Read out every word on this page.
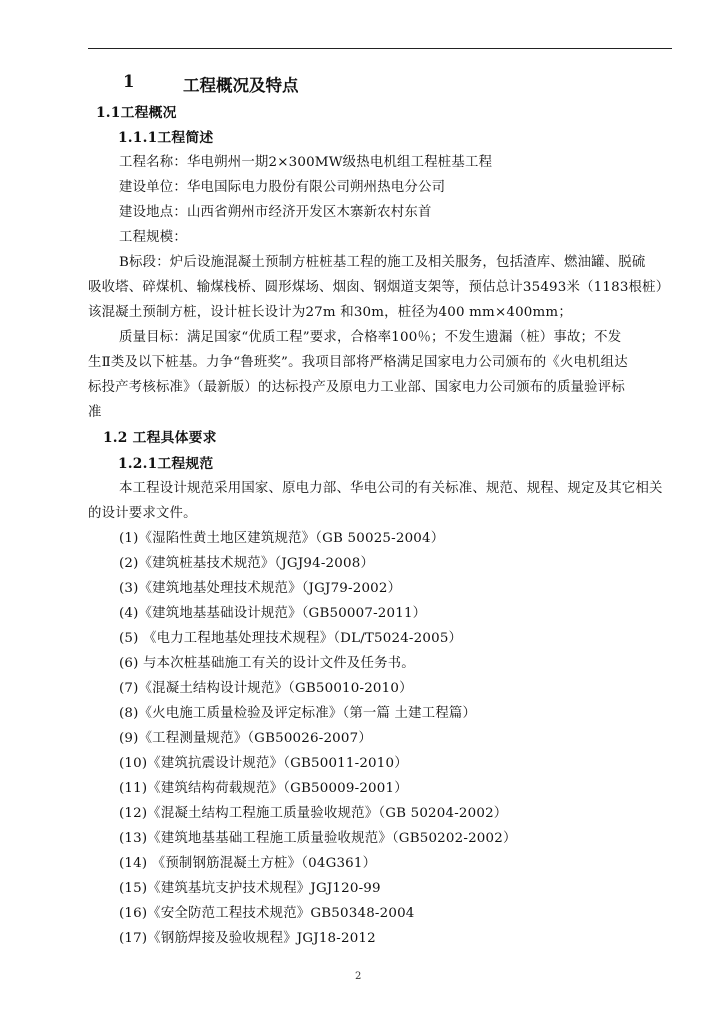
1	工程概况及特点
1.1工程概况
1.1.1工程简述
工程名称：华电朔州一期2×300MW级热电机组工程桩基工程
建设单位：华电国际电力股份有限公司朔州热电分公司
建设地点：山西省朔州市经济开发区木寨新农村东首
工程规模：
B标段：炉后设施混凝土预制方桩桩基工程的施工及相关服务，包括渣库、燃油罐、脱硫
吸收塔、碎煤机、输煤栈桥、圆形煤场、烟囱、钢烟道支架等，预估总计35493米（1183根桩）
该混凝土预制方桩，设计桩长设计为27m 和30m，桩径为400 mm×400mm；
质量目标：满足国家“优质工程”要求，合格率100％；不发生遗漏（桩）事故；不发
生Ⅱ类及以下桩基。力争“鲁班奖”。我项目部将严格满足国家电力公司颁布的《火电机组达
标投产考核标准》（最新版）的达标投产及原电力工业部、国家电力公司颁布的质量验评标
准
1.2 工程具体要求
1.2.1工程规范
本工程设计规范采用国家、原电力部、华电公司的有关标准、规范、规程、规定及其它相关
的设计要求文件。
(1)《湿陷性黄土地区建筑规范》（GB 50025-2004）
(2)《建筑桩基技术规范》（JGJ94-2008）
(3)《建筑地基处理技术规范》（JGJ79-2002）
(4)《建筑地基基础设计规范》（GB50007-2011）
(5) 《电力工程地基处理技术规程》（DL/T5024-2005）
(6) 与本次桩基础施工有关的设计文件及任务书。
(7)《混凝土结构设计规范》（GB50010-2010）
(8)《火电施工质量检验及评定标准》（第一篇 土建工程篇）
(9)《工程测量规范》（GB50026-2007）
(10)《建筑抗震设计规范》（GB50011-2010）
(11)《建筑结构荷载规范》（GB50009-2001）
(12)《混凝土结构工程施工质量验收规范》（GB 50204-2002）
(13)《建筑地基基础工程施工质量验收规范》（GB50202-2002）
(14) 《预制钢筋混凝土方桩》（04G361）
(15)《建筑基坑支护技术规程》JGJ120-99
(16)《安全防范工程技术规范》GB50348-2004
(17)《钢筋焊接及验收规程》JGJ18-2012
2
